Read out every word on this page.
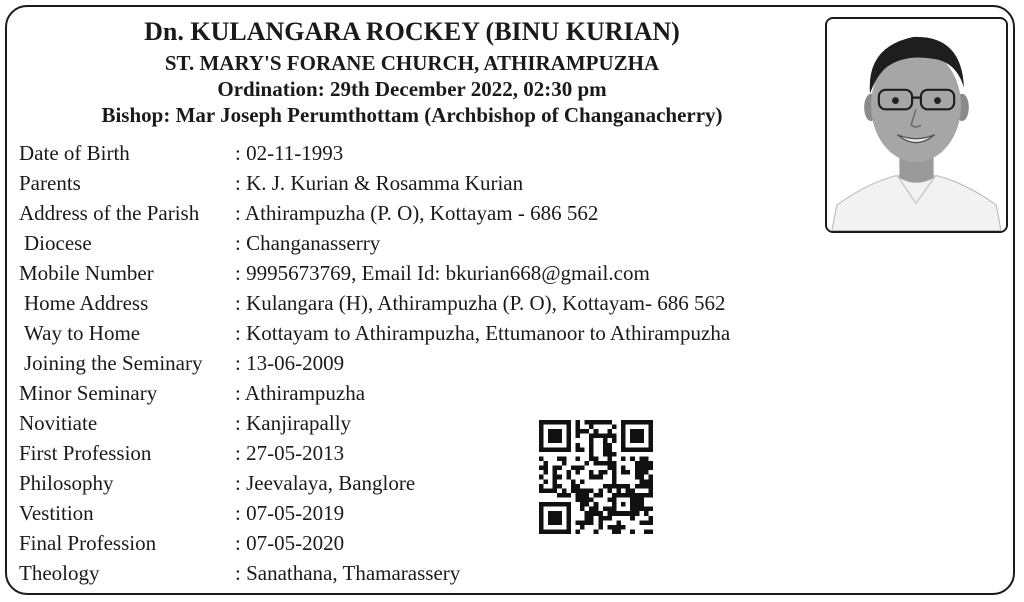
Dn. KULANGARA ROCKEY (BINU KURIAN)
ST. MARY'S FORANE CHURCH, ATHIRAMPUZHA
Ordination: 29th December 2022, 02:30 pm
Bishop: Mar Joseph Perumthottam (Archbishop of Changanacherry)
Date of Birth	: 02-11-1993
Parents	: K. J. Kurian & Rosamma Kurian
Address of the Parish : Athirampuzha (P. O), Kottayam - 686 562
Diocese	: Changanasserry
Mobile Number	: 9995673769, Email Id: bkurian668@gmail.com
Home Address	: Kulangara (H), Athirampuzha (P. O), Kottayam- 686 562
Way to Home	: Kottayam to Athirampuzha, Ettumanoor to Athirampuzha
Joining the Seminary : 13-06-2009
Minor Seminary	: Athirampuzha
Novitiate	: Kanjirapally
First Profession	: 27-05-2013
Philosophy	: Jeevalaya, Banglore
Vestition	: 07-05-2019
Final Profession	: 07-05-2020
Theology	: Sanathana, Thamarassery
